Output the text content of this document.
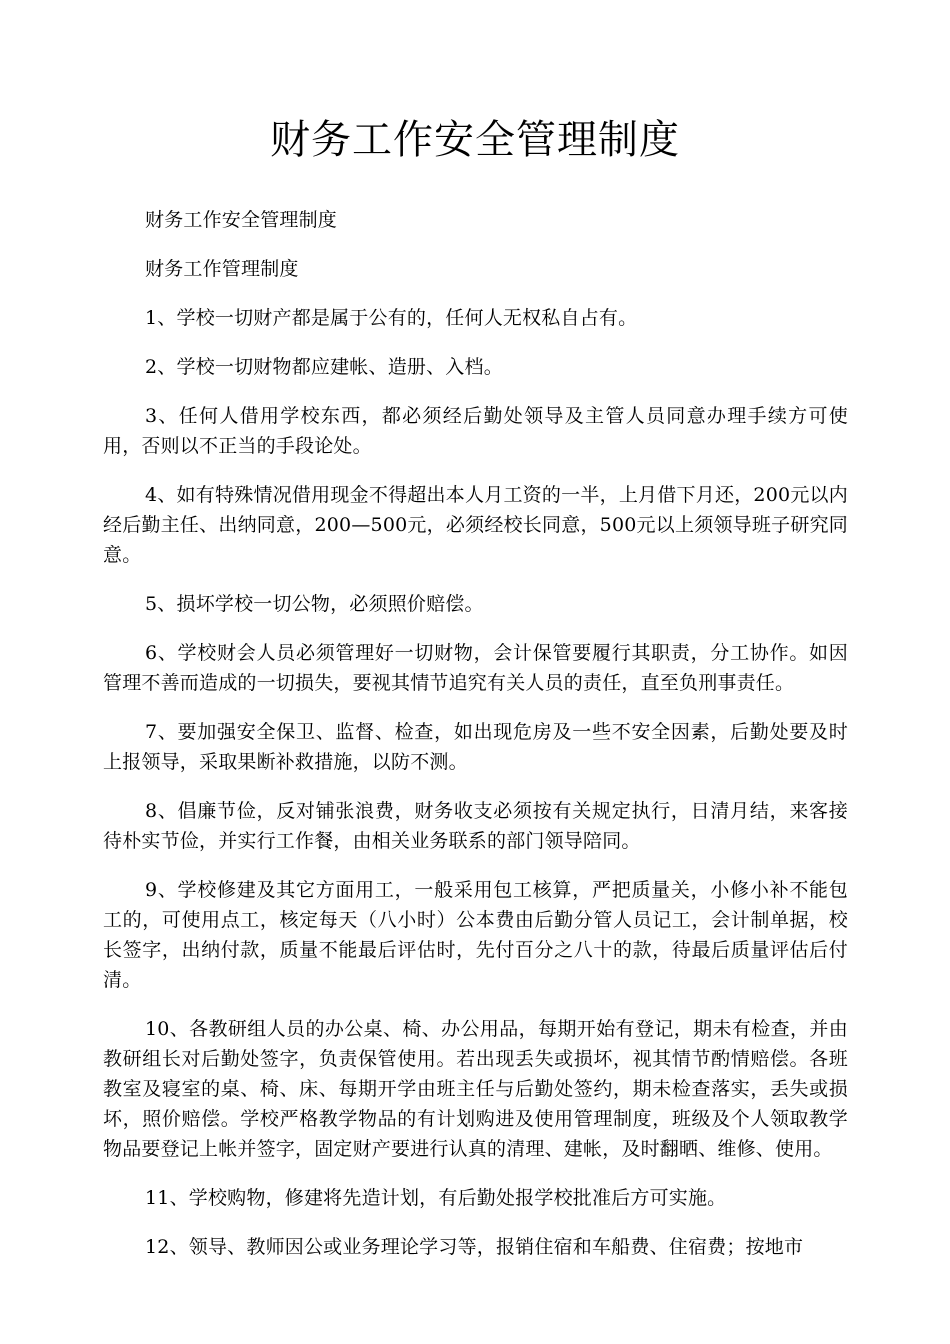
财务工作安全管理制度

财务工作安全管理制度

财务工作管理制度

1、学校一切财产都是属于公有的，任何人无权私自占有。

2、学校一切财物都应建帐、造册、入档。

3、任何人借用学校东西，都必须经后勤处领导及主管人员同意办理手续方可使用，否则以不正当的手段论处。

4、如有特殊情况借用现金不得超出本人月工资的一半，上月借下月还，200元以内经后勤主任、出纳同意，200—500元，必须经校长同意，500元以上须领导班子研究同意。

5、损坏学校一切公物，必须照价赔偿。

6、学校财会人员必须管理好一切财物，会计保管要履行其职责，分工协作。如因管理不善而造成的一切损失，要视其情节追究有关人员的责任，直至负刑事责任。

7、要加强安全保卫、监督、检查，如出现危房及一些不安全因素，后勤处要及时上报领导，采取果断补救措施，以防不测。

8、倡廉节俭，反对铺张浪费，财务收支必须按有关规定执行，日清月结，来客接待朴实节俭，并实行工作餐，由相关业务联系的部门领导陪同。

9、学校修建及其它方面用工，一般采用包工核算，严把质量关，小修小补不能包工的，可使用点工，核定每天（八小时）公本费由后勤分管人员记工，会计制单据，校长签字，出纳付款，质量不能最后评估时，先付百分之八十的款，待最后质量评估后付清。

10、各教研组人员的办公桌、椅、办公用品，每期开始有登记，期未有检查，并由教研组长对后勤处签字，负责保管使用。若出现丢失或损坏，视其情节酌情赔偿。各班教室及寝室的桌、椅、床、每期开学由班主任与后勤处签约，期未检查落实，丢失或损坏，照价赔偿。学校严格教学物品的有计划购进及使用管理制度，班级及个人领取教学物品要登记上帐并签字，固定财产要进行认真的清理、建帐，及时翻晒、维修、使用。

11、学校购物，修建将先造计划，有后勤处报学校批准后方可实施。

12、领导、教师因公或业务理论学习等，报销住宿和车船费、住宿费；按地市
